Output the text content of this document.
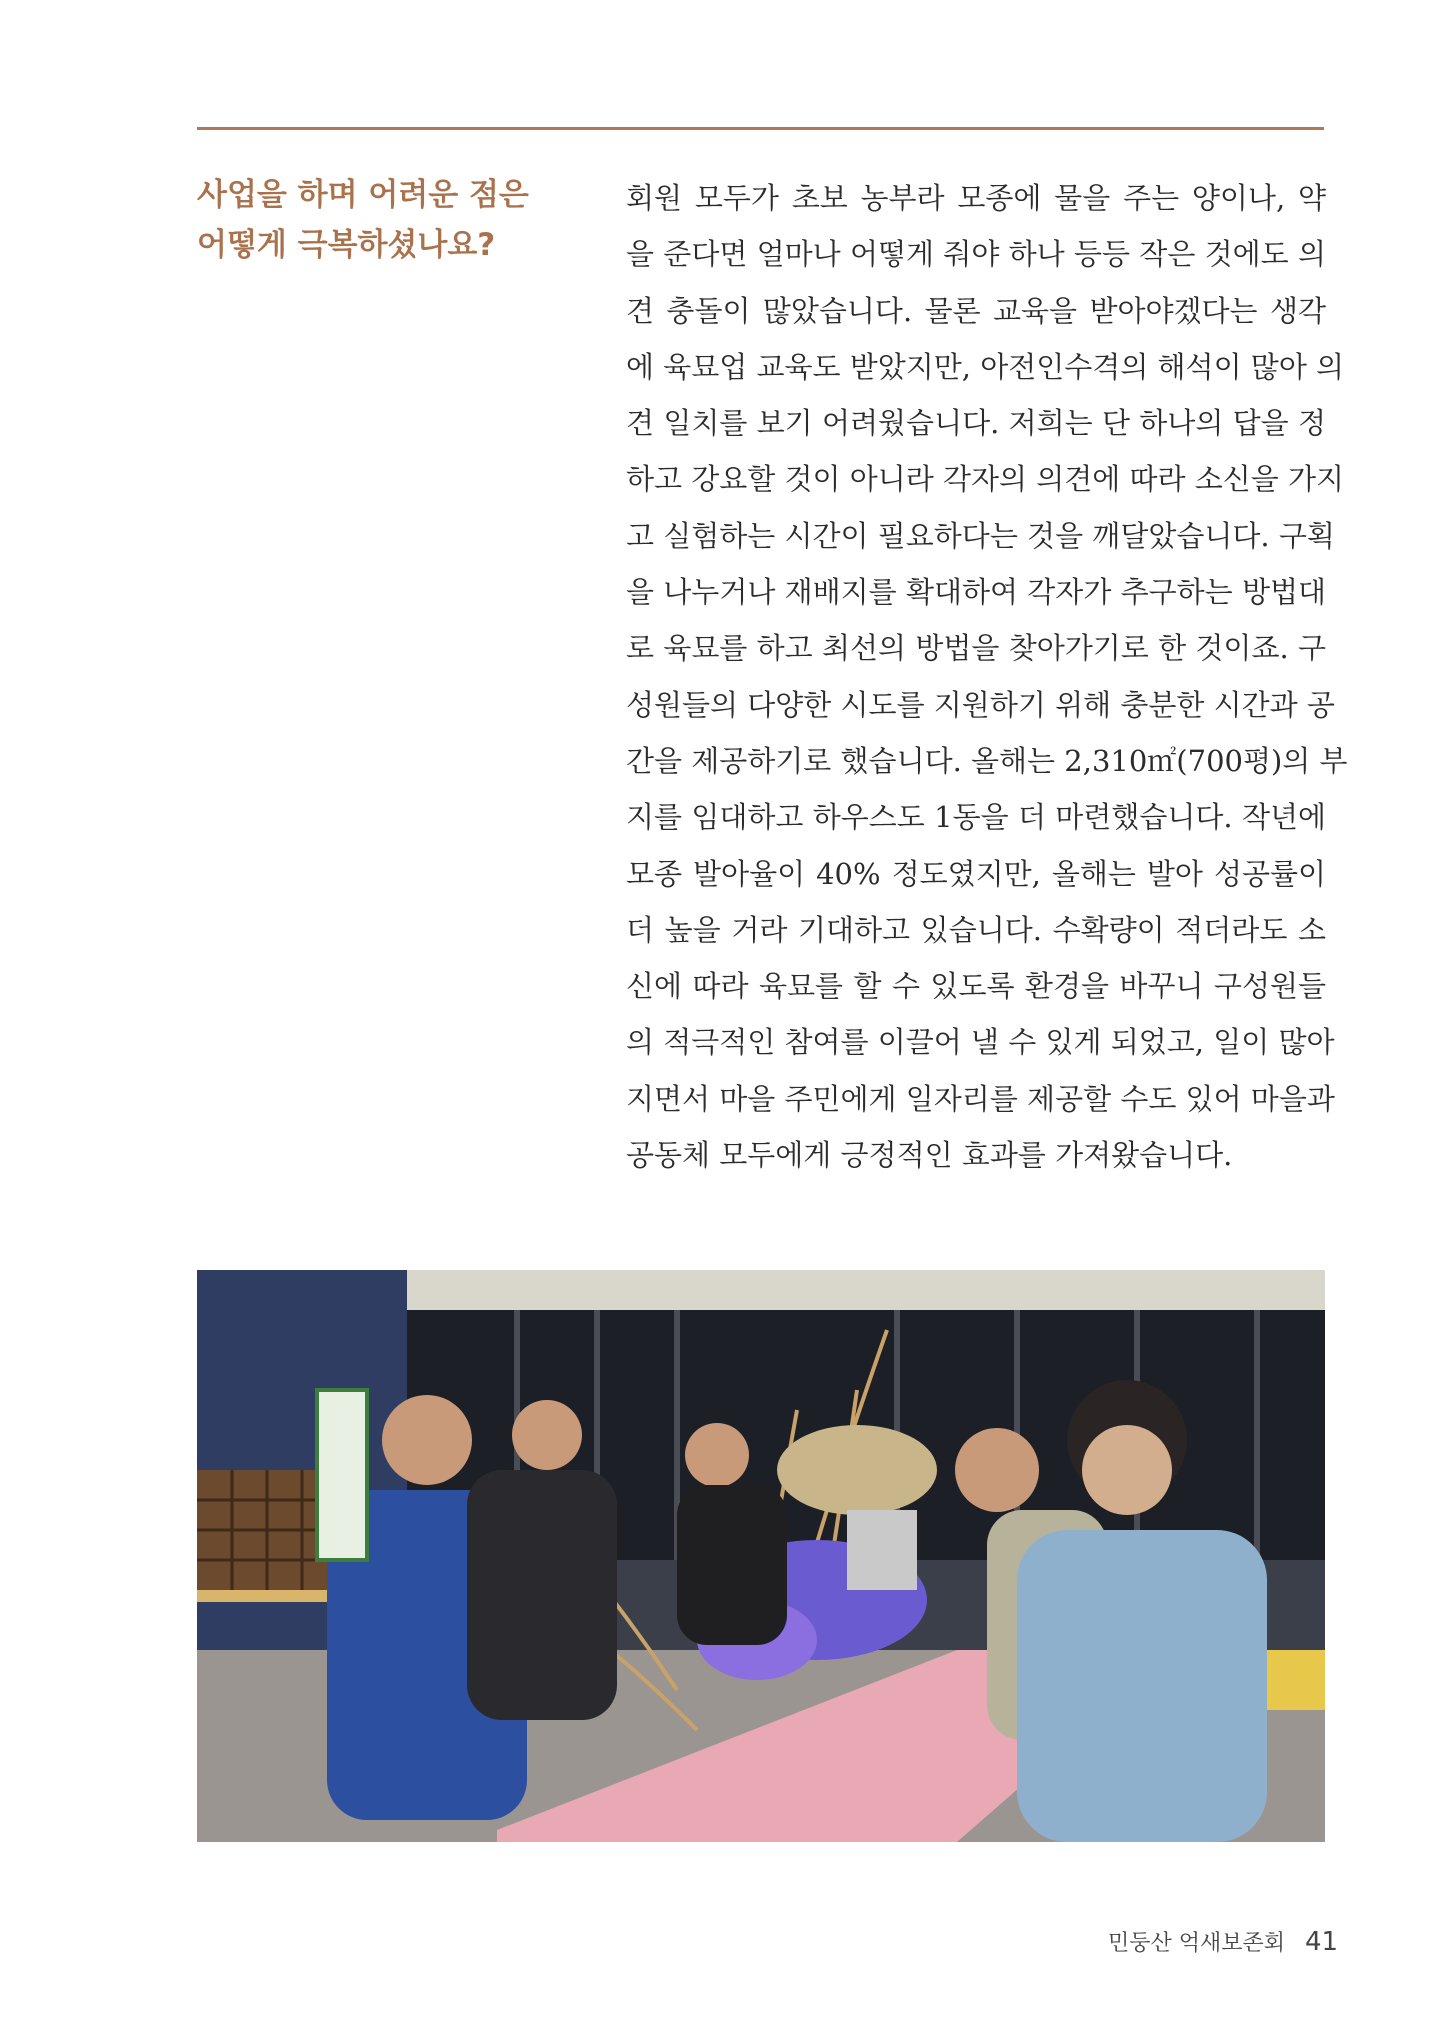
사업을 하며 어려운 점은
어떻게 극복하셨나요?
회원 모두가 초보 농부라 모종에 물을 주는 양이나, 약
을 준다면 얼마나 어떻게 줘야 하나 등등 작은 것에도 의
견 충돌이 많았습니다. 물론 교육을 받아야겠다는 생각
에 육묘업 교육도 받았지만, 아전인수격의 해석이 많아 의
견 일치를 보기 어려웠습니다. 저희는 단 하나의 답을 정
하고 강요할 것이 아니라 각자의 의견에 따라 소신을 가지
고 실험하는 시간이 필요하다는 것을 깨달았습니다. 구획
을 나누거나 재배지를 확대하여 각자가 추구하는 방법대
로 육묘를 하고 최선의 방법을 찾아가기로 한 것이죠. 구
성원들의 다양한 시도를 지원하기 위해 충분한 시간과 공
간을 제공하기로 했습니다. 올해는 2,310㎡(700평)의 부
지를 임대하고 하우스도 1동을 더 마련했습니다. 작년에
모종 발아율이 40% 정도였지만, 올해는 발아 성공률이
더 높을 거라 기대하고 있습니다. 수확량이 적더라도 소
신에 따라 육묘를 할 수 있도록 환경을 바꾸니 구성원들
의 적극적인 참여를 이끌어 낼 수 있게 되었고, 일이 많아
지면서 마을 주민에게 일자리를 제공할 수도 있어 마을과
공동체 모두에게 긍정적인 효과를 가져왔습니다.
민둥산 억새보존회 41
